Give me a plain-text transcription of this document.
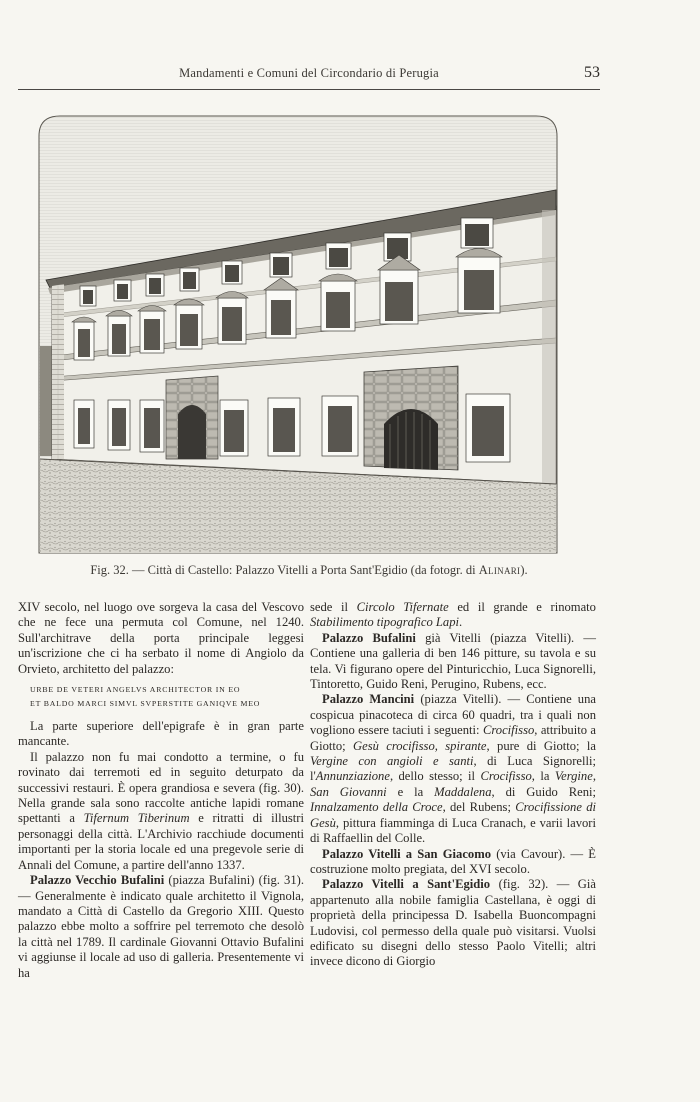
Mandamenti e Comuni del Circondario di Perugia	53
Fig. 32. — Città di Castello: Palazzo Vitelli a Porta Sant'Egidio (da fotogr. di Alinari).

XIV secolo, nel luogo ove sorgeva la casa del Vescovo che ne fece una permuta col Comune, nel 1240. Sull'architrave della porta principale leggesi un'iscrizione che ci ha serbato il nome di Angiolo da Orvieto, architetto del palazzo:

URBE DE VETERI ANGELVS ARCHITECTOR IN EO
ET BALDO MARCI SIMVL SVPERSTITE GANIQVE MEO

La parte superiore dell'epigrafe è in gran parte mancante.

Il palazzo non fu mai condotto a termine, o fu rovinato dai terremoti ed in seguito deturpato da successivi restauri. È opera grandiosa e severa (fig. 30). Nella grande sala sono raccolte antiche lapidi romane spettanti a Tifernum Tiberinum e ritratti di illustri personaggi della città. L'Archivio racchiude documenti importanti per la storia locale ed una pregevole serie di Annali del Comune, a partire dell'anno 1337.

Palazzo Vecchio Bufalini (piazza Bufalini) (fig. 31). — Generalmente è indicato quale architetto il Vignola, mandato a Città di Castello da Gregorio XIII. Questo palazzo ebbe molto a soffrire pel terremoto che desolò la città nel 1789. Il cardinale Giovanni Ottavio Bufalini vi aggiunse il locale ad uso di galleria. Presentemente vi ha

sede il Circolo Tifernate ed il grande e rinomato Stabilimento tipografico Lapi.

Palazzo Bufalini già Vitelli (piazza Vitelli). — Contiene una galleria di ben 146 pitture, su tavola e su tela. Vi figurano opere del Pinturicchio, Luca Signorelli, Tintoretto, Guido Reni, Perugino, Rubens, ecc.

Palazzo Mancini (piazza Vitelli). — Contiene una cospicua pinacoteca di circa 60 quadri, tra i quali non vogliono essere taciuti i seguenti: Crocifisso, attribuito a Giotto; Gesù crocifisso, spirante, pure di Giotto; la Vergine con angioli e santi, di Luca Signorelli; l'Annunziazione, dello stesso; il Crocifisso, la Vergine, San Giovanni e la Maddalena, di Guido Reni; Innalzamento della Croce, del Rubens; Crocifissione di Gesù, pittura fiamminga di Luca Cranach, e varii lavori di Raffaellin del Colle.

Palazzo Vitelli a San Giacomo (via Cavour). — È costruzione molto pregiata, del XVI secolo.

Palazzo Vitelli a Sant'Egidio (fig. 32). — Già appartenuto alla nobile famiglia Castellana, è oggi di proprietà della principessa D. Isabella Buoncompagni Ludovisi, col permesso della quale può visitarsi. Vuolsi edificato su disegni dello stesso Paolo Vitelli; altri invece dicono di Giorgio
